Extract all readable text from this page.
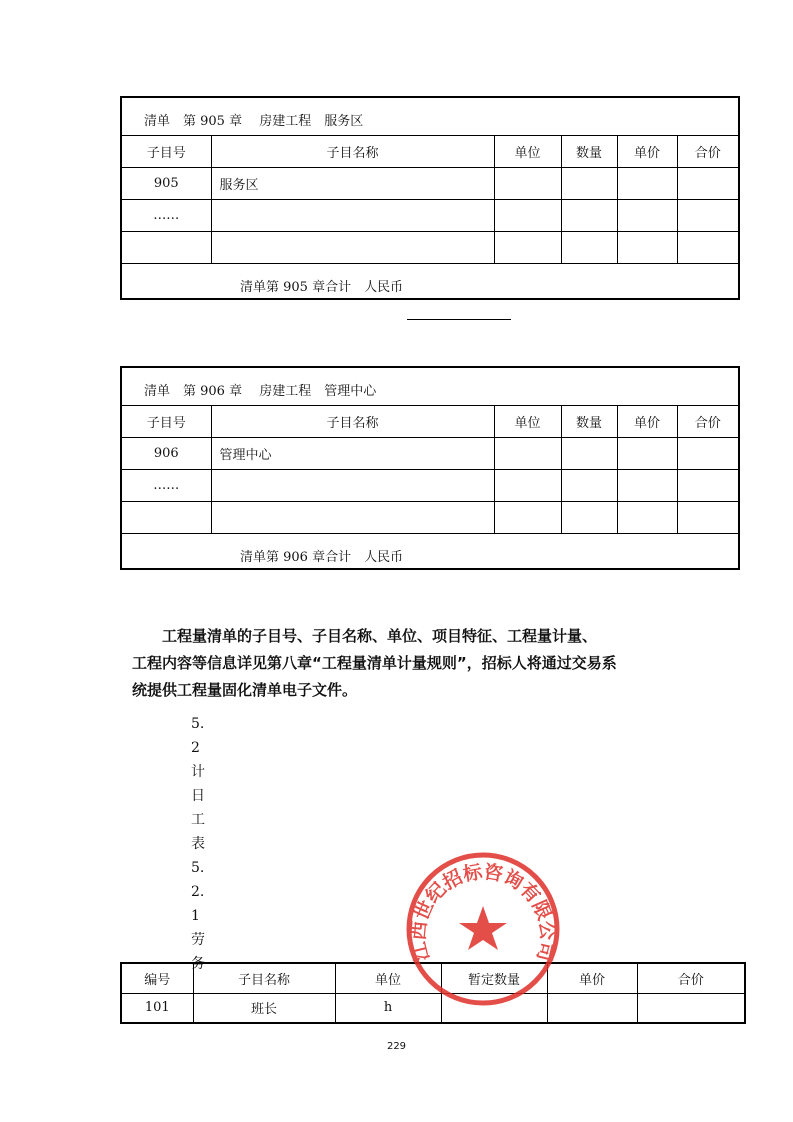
清单　第 905 章　 房建工程　服务区					
子目号	子目名称	单位	数量	单价	合价
905	服务区				
……					

清单第 905 章合计　人民币					
清单　第 906 章　 房建工程　管理中心					
子目号	子目名称	单位	数量	单价	合价
906	管理中心				
……					

清单第 906 章合计　人民币					

工程量清单的子目号、子目名称、单位、项目特征、工程量计量、

工程内容等信息详见第八章“工程量清单计量规则”，招标人将通过交易系

统提供工程量固化清单电子文件。

5.
2
计
日
工
表
5.
2.
1
劳
务
编号	子目名称	单位	暂定数量	单价	合价
101	班长	h			
江西世纪招标咨询有限公司
229
